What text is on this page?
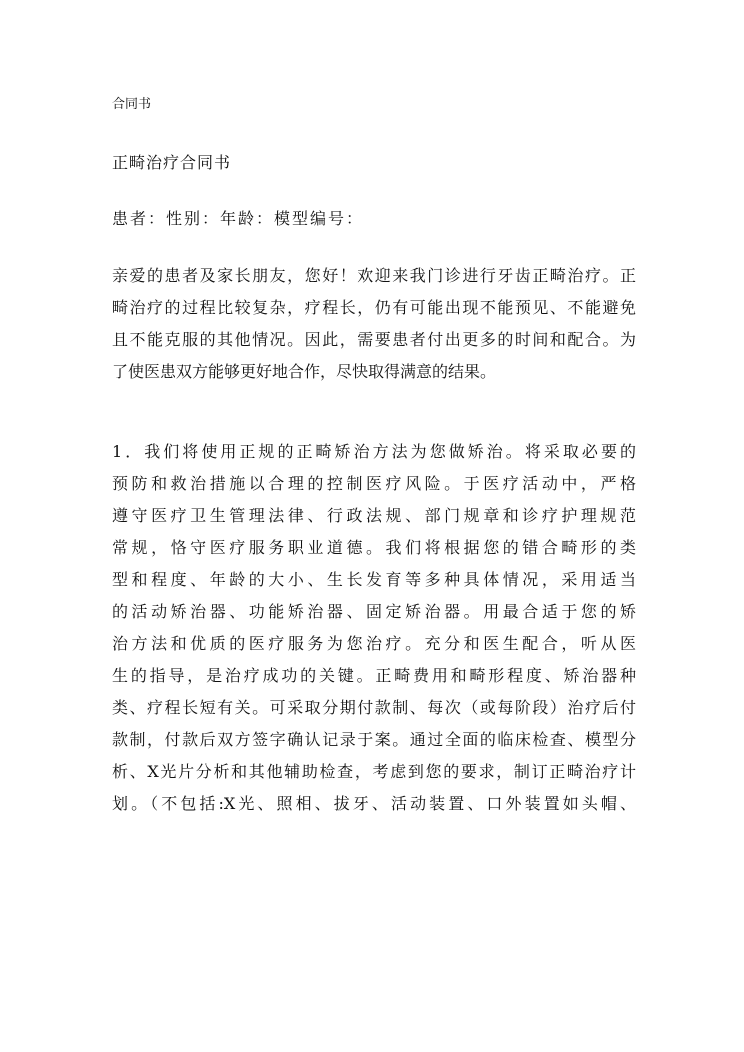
合同书
正畸治疗合同书
患者：性别：年龄：模型编号：
亲爱的患者及家长朋友，您好！欢迎来我门诊进行牙齿正畸治疗。正
畸治疗的过程比较复杂，疗程长，仍有可能出现不能预见、不能避免
且不能克服的其他情况。因此，需要患者付出更多的时间和配合。为
了使医患双方能够更好地合作，尽快取得满意的结果。
1．我们将使用正规的正畸矫治方法为您做矫治。将采取必要的
预防和救治措施以合理的控制医疗风险。于医疗活动中，严格
遵守医疗卫生管理法律、行政法规、部门规章和诊疗护理规范
常规，恪守医疗服务职业道德。我们将根据您的错合畸形的类
型和程度、年龄的大小、生长发育等多种具体情况，采用适当
的活动矫治器、功能矫治器、固定矫治器。用最合适于您的矫
治方法和优质的医疗服务为您治疗。充分和医生配合，听从医
生的指导，是治疗成功的关键。正畸费用和畸形程度、矫治器种
类、疗程长短有关。可采取分期付款制、每次（或每阶段）治疗后付
款制，付款后双方签字确认记录于案。通过全面的临床检查、模型分
析、X光片分析和其他辅助检查，考虑到您的要求，制订正畸治疗计
划。（不包括:X光、照相、拔牙、活动装置、口外装置如头帽、
